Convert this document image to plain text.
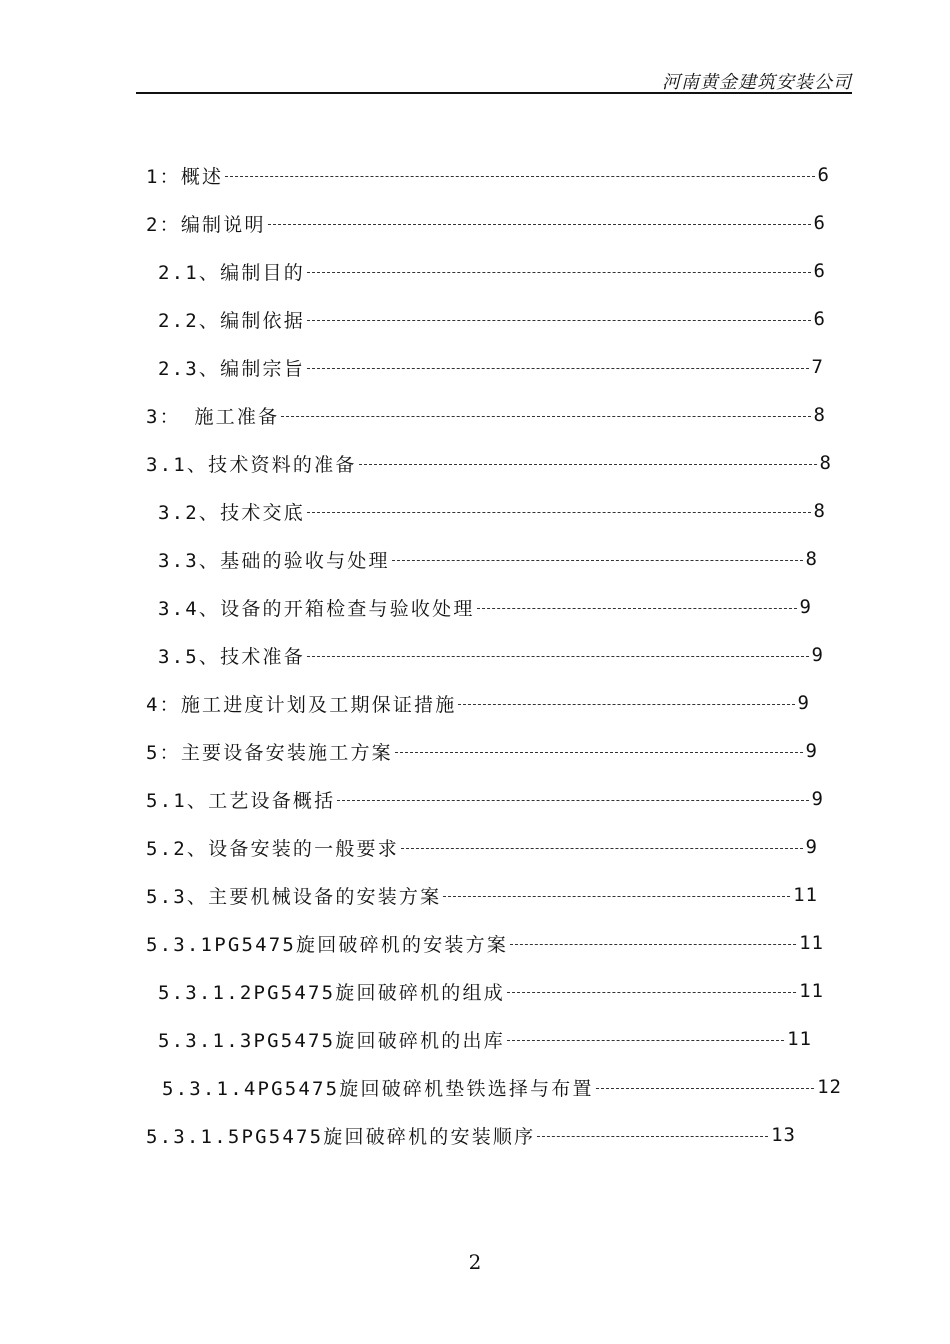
河南黄金建筑安装公司
1：概述	6
2：编制说明	6
2.1、编制目的	6
2.2、编制依据	6
2.3、编制宗旨	7
3： 施工准备	8
3.1、技术资料的准备	8
3.2、技术交底	8
3.3、基础的验收与处理	8
3.4、设备的开箱检查与验收处理	9
3.5、技术准备	9
4：施工进度计划及工期保证措施	9
5：主要设备安装施工方案	9
5.1、工艺设备概括	9
5.2、设备安装的一般要求	9
5.3、主要机械设备的安装方案	11
5.3.1PG5475旋回破碎机的安装方案	11
5.3.1.2PG5475旋回破碎机的组成	11
5.3.1.3PG5475旋回破碎机的出库	11
5.3.1.4PG5475旋回破碎机垫铁选择与布置	12
5.3.1.5PG5475旋回破碎机的安装顺序	13
2
